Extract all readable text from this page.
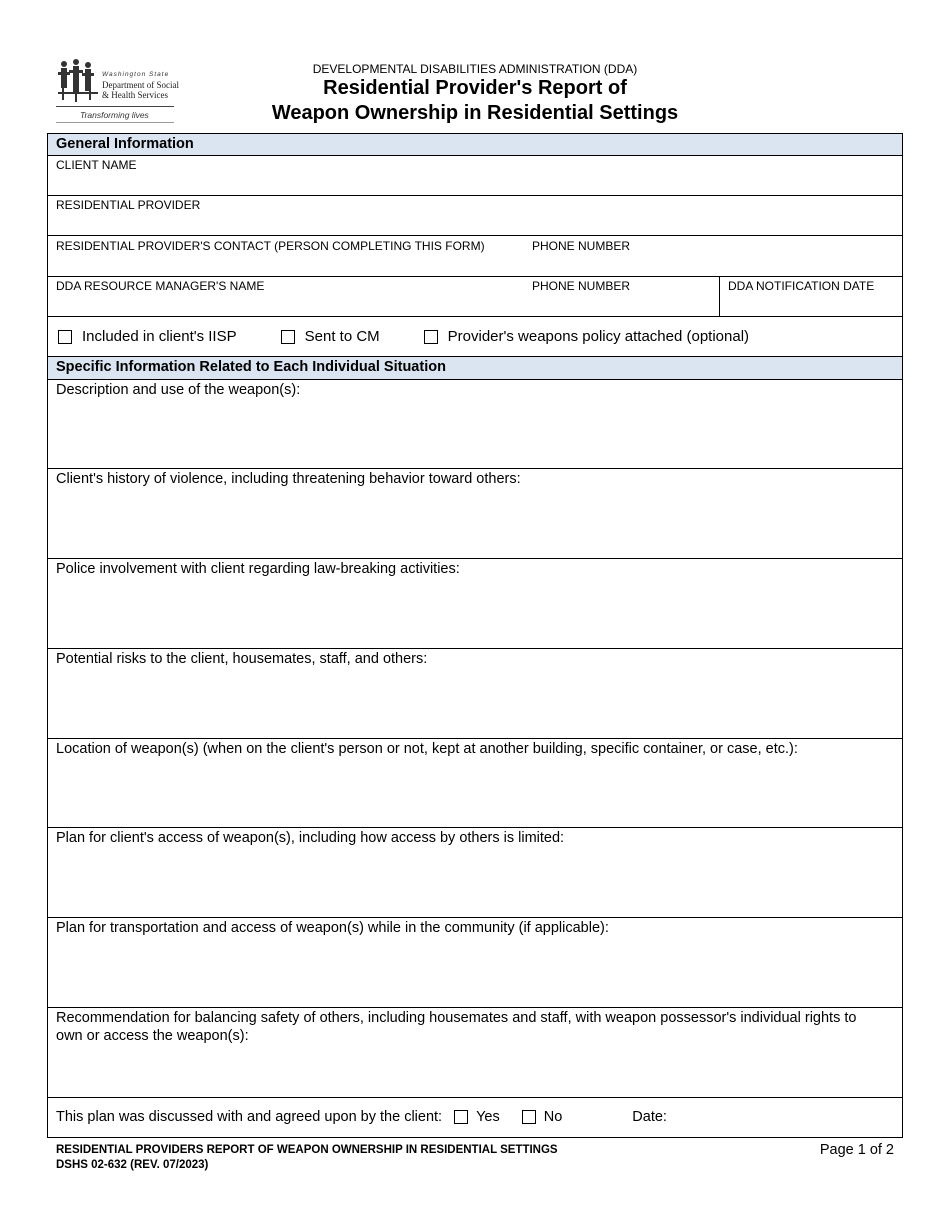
Washington State
Department of Social
& Health Services
Transforming lives
DEVELOPMENTAL DISABILITIES ADMINISTRATION (DDA)
Residential Provider's Report of
Weapon Ownership in Residential Settings
General Information
CLIENT NAME
RESIDENTIAL PROVIDER
RESIDENTIAL PROVIDER'S CONTACT (PERSON COMPLETING THIS FORM)	PHONE NUMBER
DDA RESOURCE MANAGER'S NAME	PHONE NUMBER	DDA NOTIFICATION DATE
Included in client's IISP	Sent to CM	Provider's weapons policy attached (optional)
Specific Information Related to Each Individual Situation
Description and use of the weapon(s):
Client's history of violence, including threatening behavior toward others:
Police involvement with client regarding law-breaking activities:
Potential risks to the client, housemates, staff, and others:
Location of weapon(s) (when on the client's person or not, kept at another building, specific container, or case, etc.):
Plan for client's access of weapon(s), including how access by others is limited:
Plan for transportation and access of weapon(s) while in the community (if applicable):
Recommendation for balancing safety of others, including housemates and staff, with weapon possessor's individual rights to own or access the weapon(s):
This plan was discussed with and agreed upon by the client: Yes	No	Date:
RESIDENTIAL PROVIDERS REPORT OF WEAPON OWNERSHIP IN RESIDENTIAL SETTINGS
DSHS 02-632 (REV. 07/2023)
Page 1 of 2
